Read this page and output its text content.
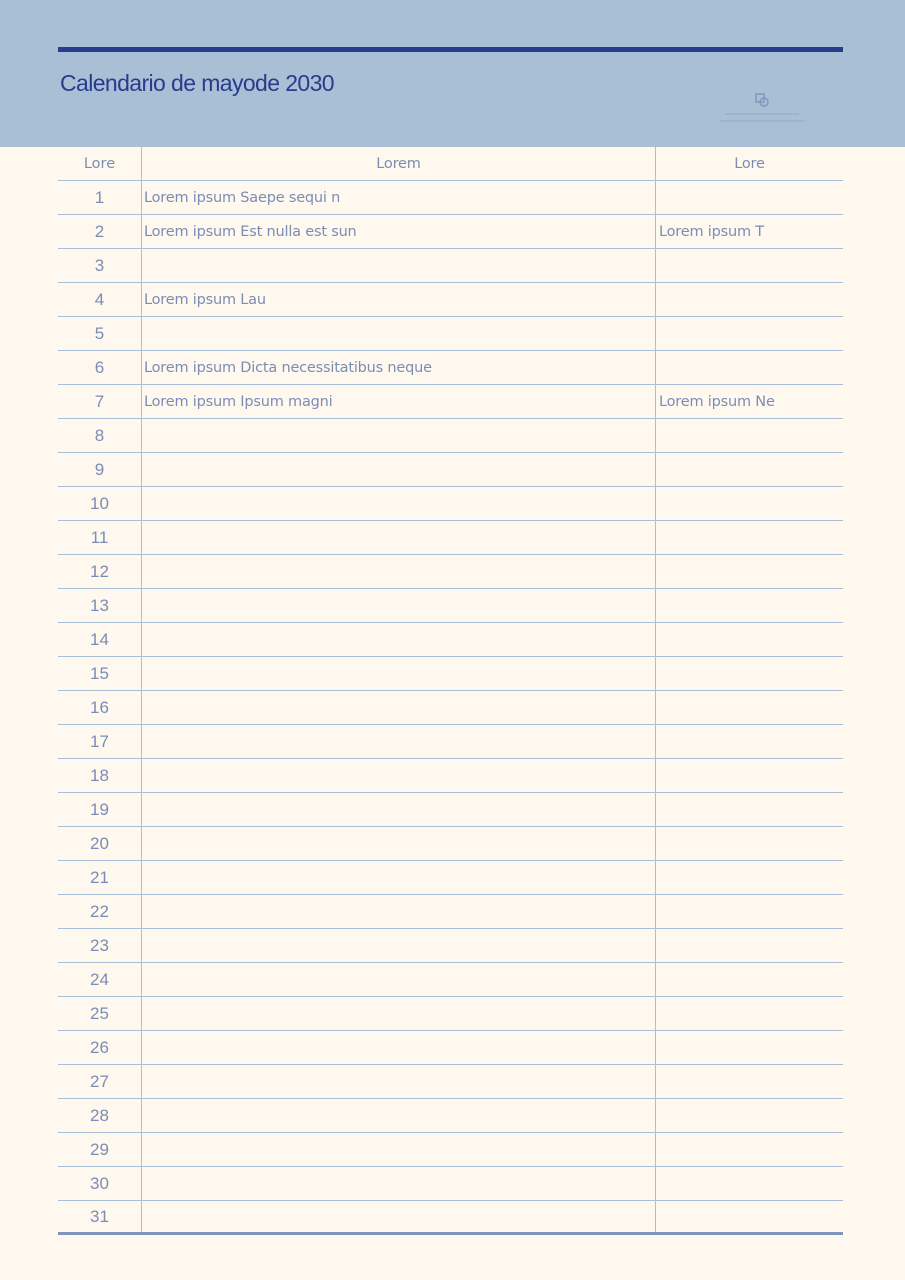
Calendario de mayode 2030
Lore	Lorem	Lore
1	Lorem ipsum Saepe sequi n
2	Lorem ipsum Est nulla est sun	Lorem ipsum T
3
4	Lorem ipsum Lau
5
6	Lorem ipsum Dicta necessitatibus neque
7	Lorem ipsum Ipsum magni	Lorem ipsum Ne
8
9
10
11
12
13
14
15
16
17
18
19
20
21
22
23
24
25
26
27
28
29
30
31
